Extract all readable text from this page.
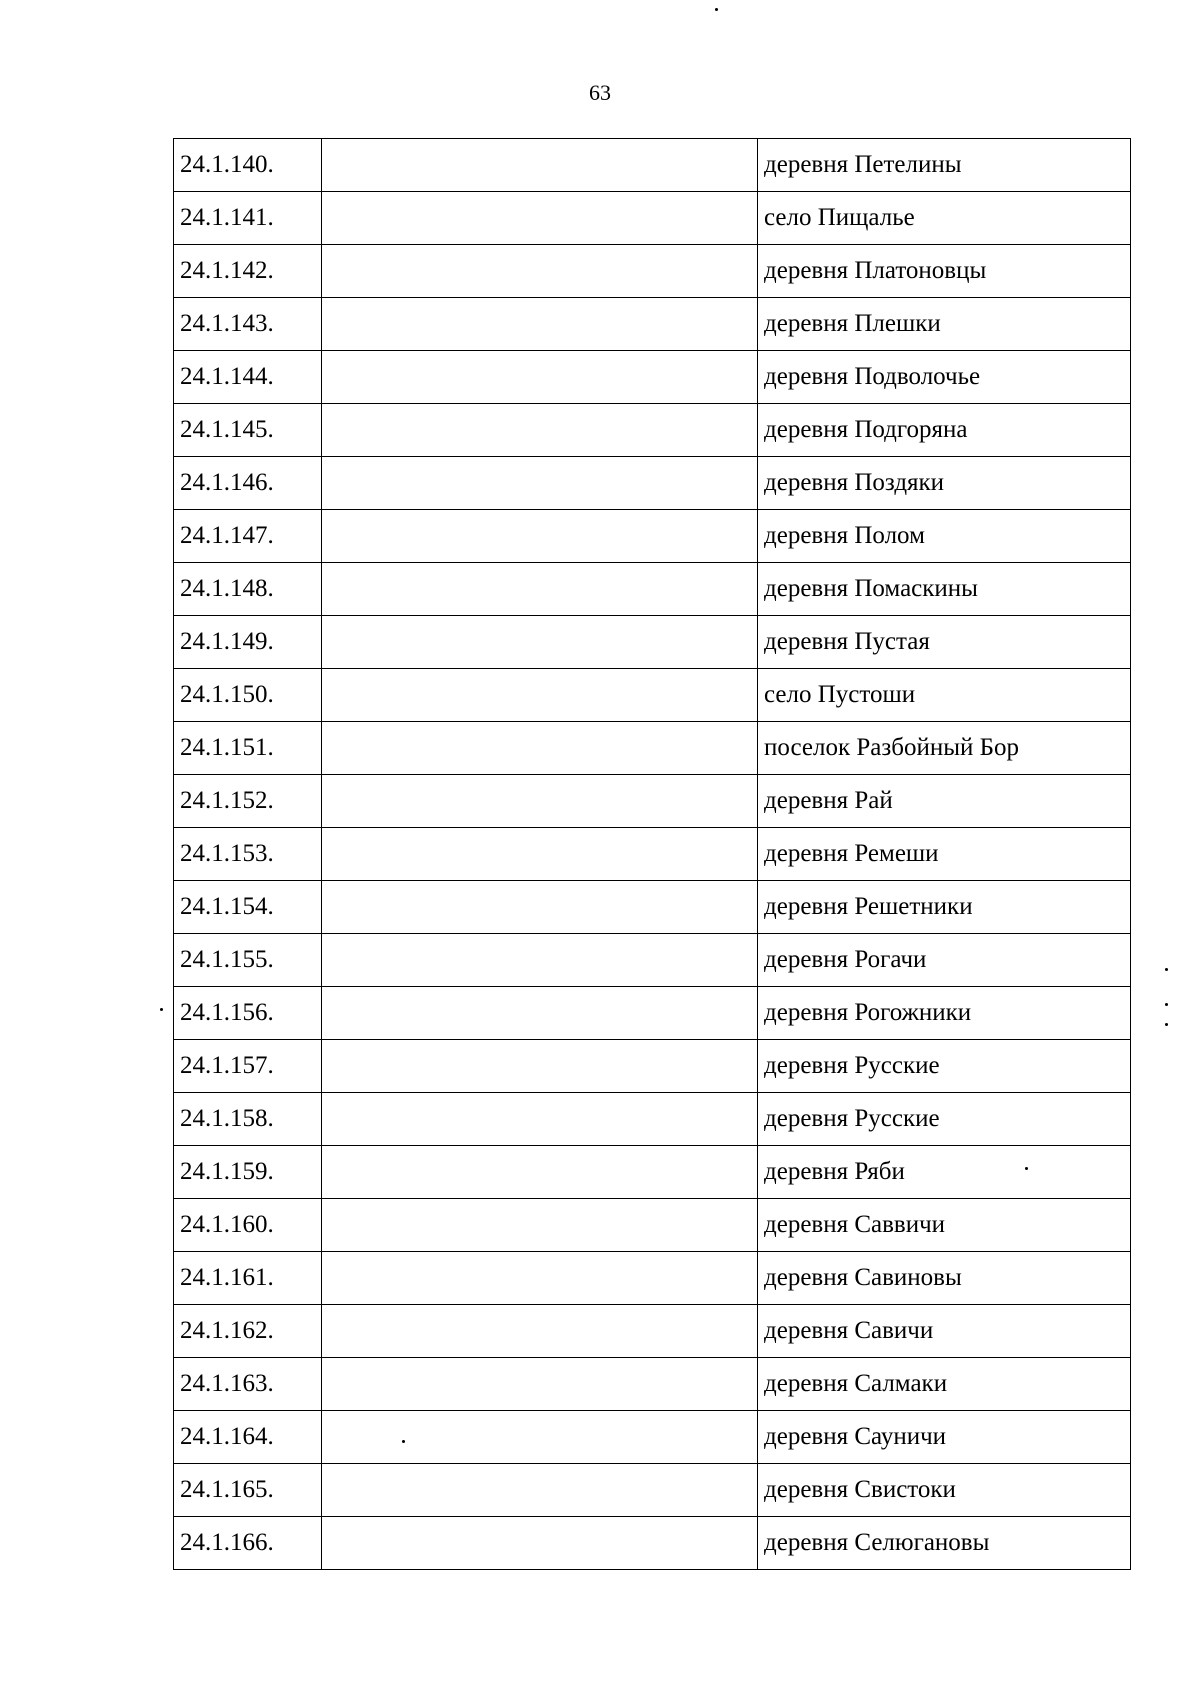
63
24.1.140.		деревня Петелины
24.1.141.		село Пищалье
24.1.142.		деревня Платоновцы
24.1.143.		деревня Плешки
24.1.144.		деревня Подволочье
24.1.145.		деревня Подгоряна
24.1.146.		деревня Поздяки
24.1.147.		деревня Полом
24.1.148.		деревня Помаскины
24.1.149.		деревня Пустая
24.1.150.		село Пустоши
24.1.151.		поселок Разбойный Бор
24.1.152.		деревня Рай
24.1.153.		деревня Ремеши
24.1.154.		деревня Решетники
24.1.155.		деревня Рогачи
24.1.156.		деревня Рогожники
24.1.157.		деревня Русские
24.1.158.		деревня Русские
24.1.159.		деревня Ряби
24.1.160.		деревня Саввичи
24.1.161.		деревня Савиновы
24.1.162.		деревня Савичи
24.1.163.		деревня Салмаки
24.1.164.		деревня Сауничи
24.1.165.		деревня Свистоки
24.1.166.		деревня Селюгановы
